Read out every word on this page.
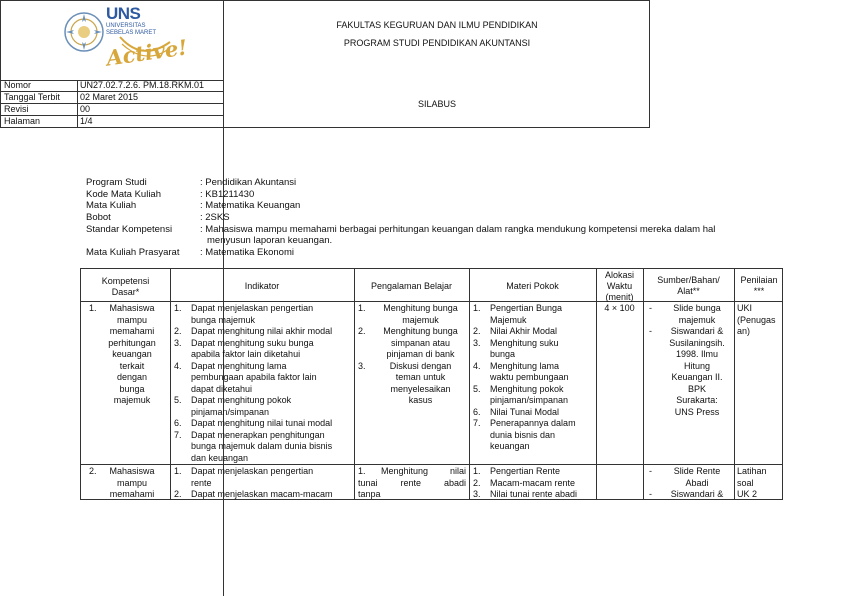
UNS
UNIVERSITAS
SEBELAS MARET
Active!
FAKULTAS KEGURUAN DAN ILMU PENDIDIKAN
PROGRAM STUDI PENDIDIKAN AKUNTANSI
SILABUS
Nomor	UN27.02.7.2.6. PM.18.RKM.01
Tanggal Terbit 02 Maret 2015
Revisi	00
Halaman	1/4
Program Studi	: Pendidikan Akuntansi
Kode Mata Kuliah	: KB1211430
Mata Kuliah	: Matematika Keuangan
Bobot	: 2SKS
Standar Kompetensi	: Mahasiswa mampu memahami berbagai perhitungan keuangan dalam rangka mendukung kompetensi mereka dalam hal
menyusun laporan keuangan.
Mata Kuliah Prasyarat : Matematika Ekonomi
Kompetensi
Dasar*
Indikator	Pengalaman Belajar	Materi Pokok
Alokasi
Waktu
(menit)
Sumber/Bahan/
Alat**
Penilaian
***
1.	Mahasiswa
mampu
memahami
perhitungan
keuangan
terkait
dengan
bunga
majemuk
1. Dapat menjelaskan pengertian
bunga majemuk
2. Dapat menghitung nilai akhir modal
3. Dapat menghitung suku bunga
apabila faktor lain diketahui
4. Dapat menghitung lama
pembungaan apabila faktor lain
dapat diketahui
5. Dapat menghitung pokok
pinjaman/simpanan
6. Dapat menghitung nilai tunai modal
7. Dapat menerapkan penghitungan
bunga majemuk dalam dunia bisnis
dan keuangan
1.	Menghitung bunga
majemuk
2.	Menghitung bunga
simpanan atau
pinjaman di bank
3.	Diskusi dengan
teman untuk
menyelesaikan
kasus
1. Pengertian Bunga
Majemuk
2. Nilai Akhir Modal
3. Menghitung suku
bunga
4. Menghitung lama
waktu pembungaan
5. Menghitung pokok
pinjaman/simpanan
6. Nilai Tunai Modal
7. Penerapannya dalam
dunia bisnis dan
keuangan
4 × 100
-	Slide bunga
majemuk
- Siswandari &
Susilaningsih.
1998. Ilmu
Hitung
Keuangan II.
BPK
Surakarta:
UNS Press
UKI
(Penugas
an)
2.	Mahasiswa
mampu
memahami
1. Dapat menjelaskan pengertian
rente
2. Dapat menjelaskan macam-macam
1.	Menghitung nilai
tunai rente abadi
tanpa
1. Pengertian Rente
2. Macam-macam rente
3. Nilai tunai rente abadi
- Slide Rente
Abadi
- Siswandari &
Latihan
soal
UK 2
